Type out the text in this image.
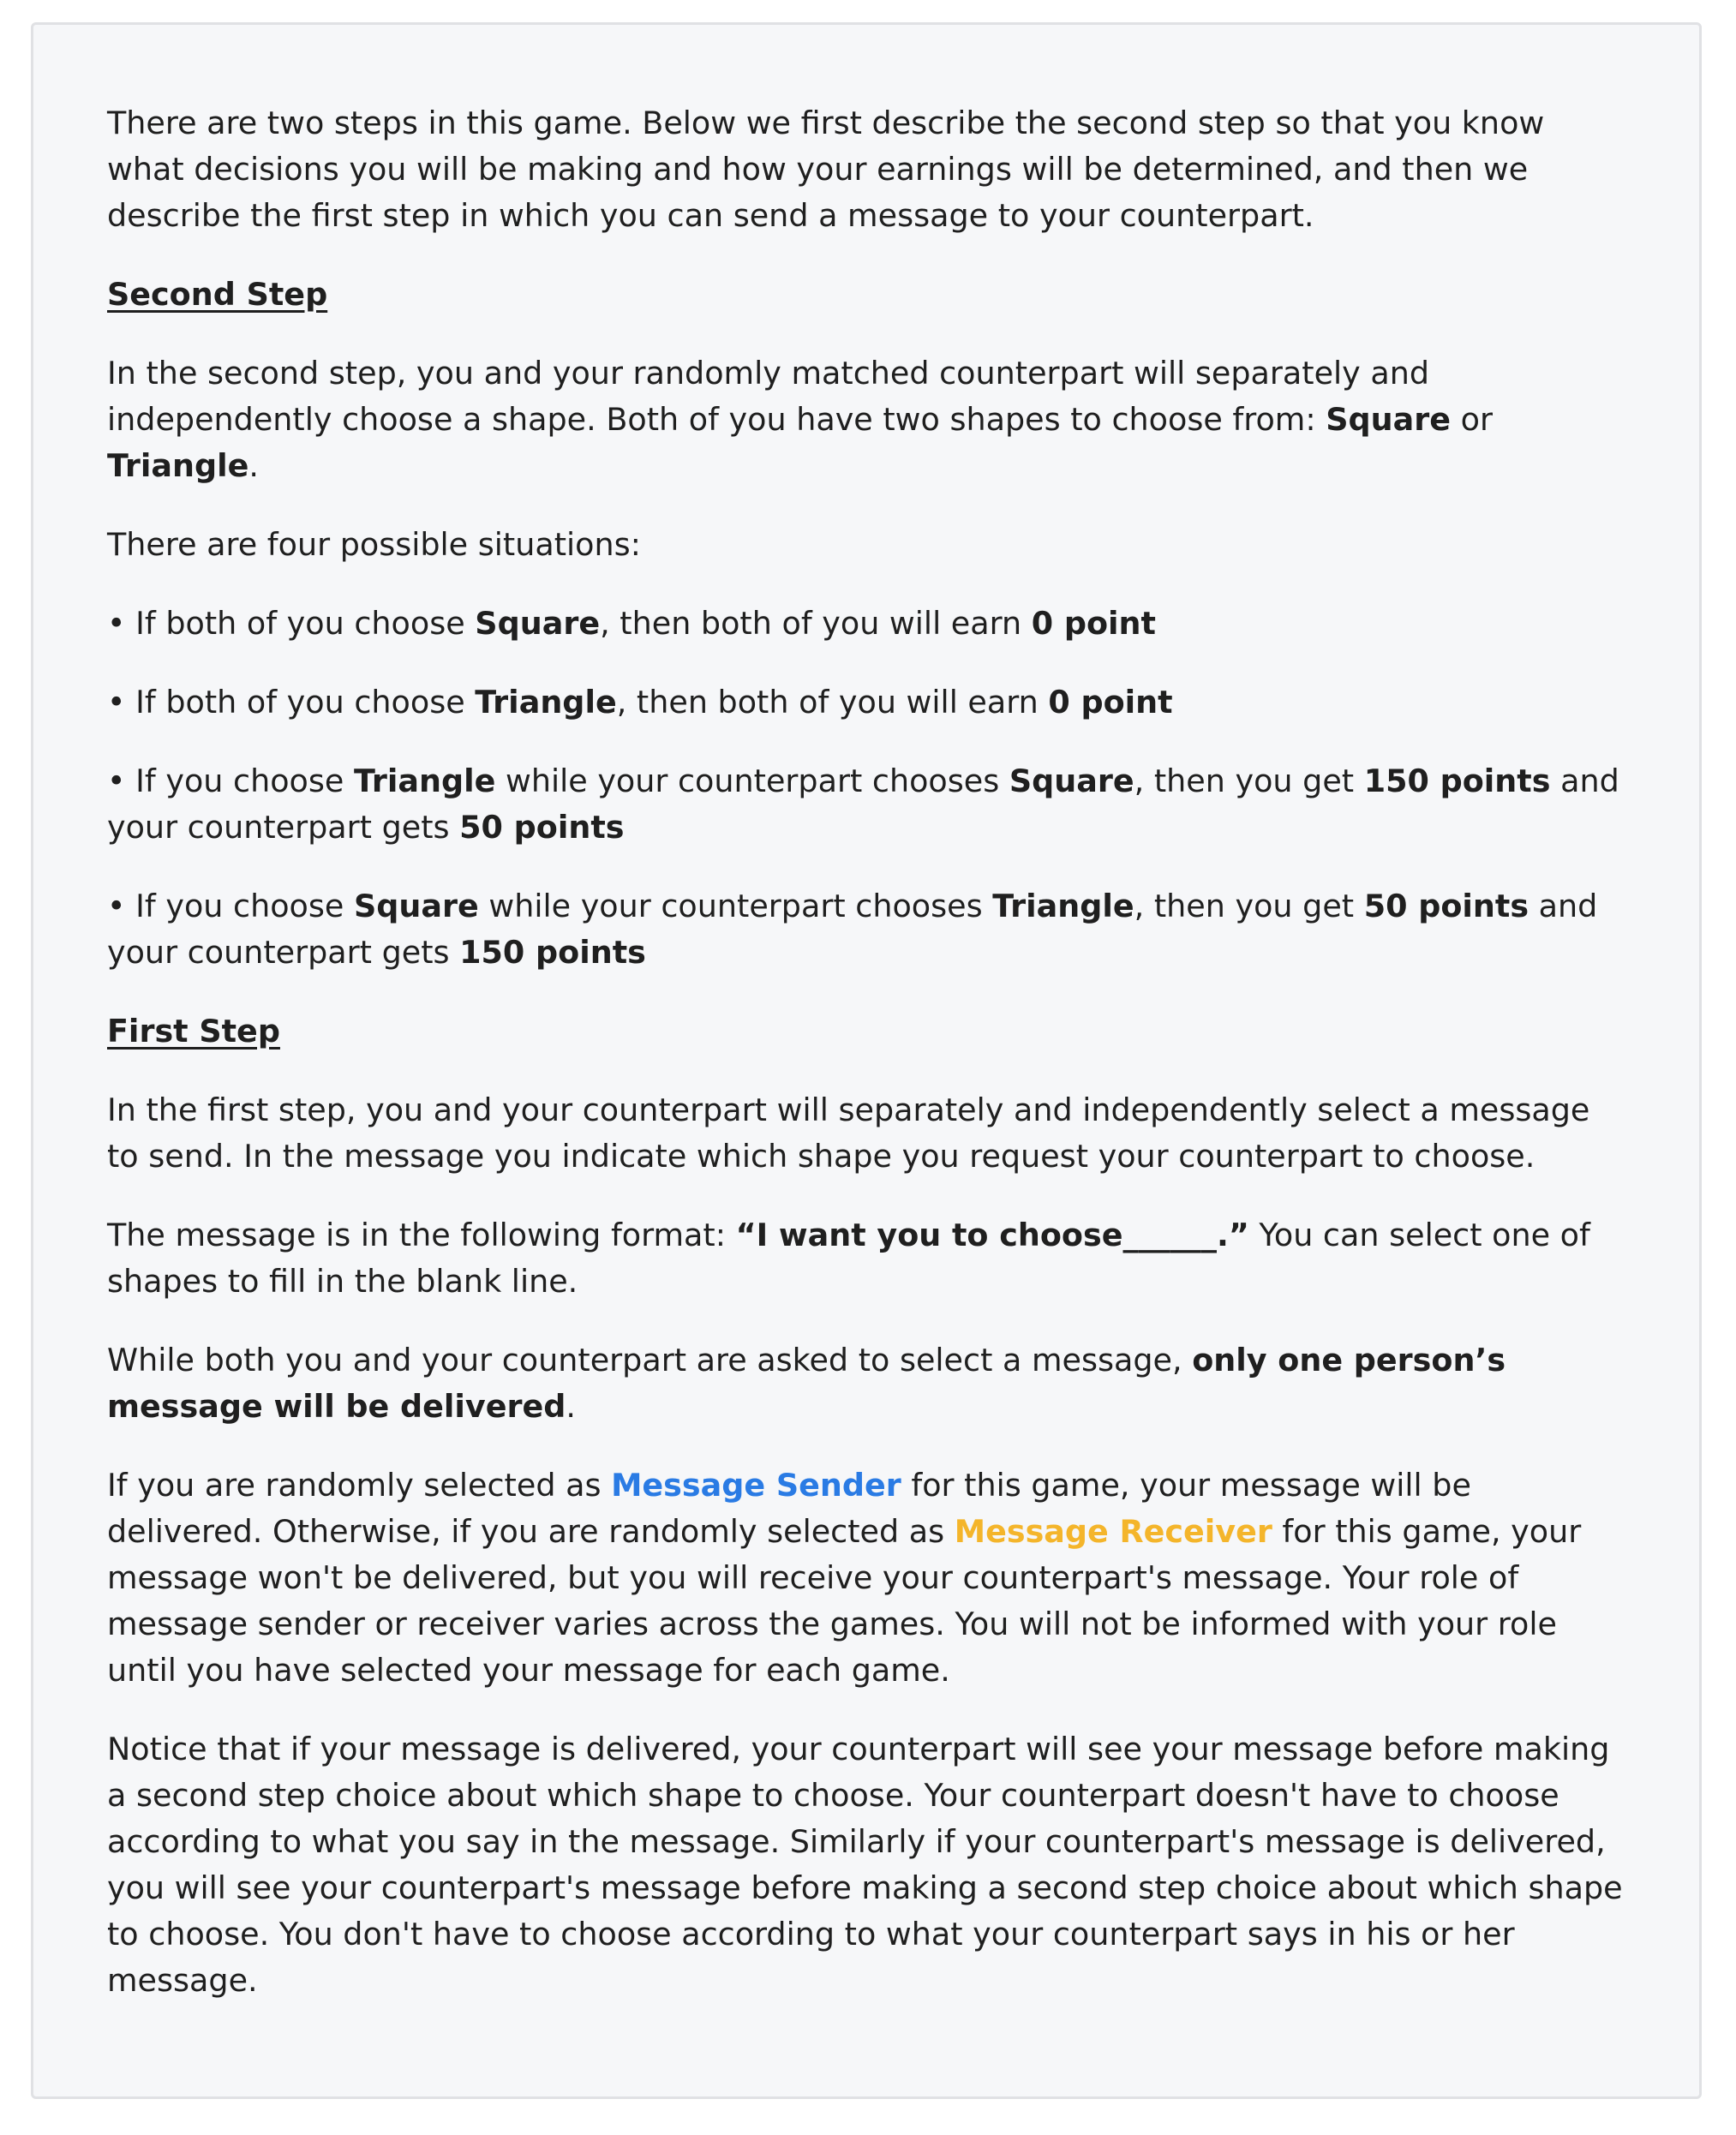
There are two steps in this game. Below we first describe the second step so that you know what decisions you will be making and how your earnings will be determined, and then we describe the first step in which you can send a message to your counterpart.

Second Step

In the second step, you and your randomly matched counterpart will separately and independently choose a shape. Both of you have two shapes to choose from: Square or Triangle.

There are four possible situations:

• If both of you choose Square, then both of you will earn 0 point

• If both of you choose Triangle, then both of you will earn 0 point

• If you choose Triangle while your counterpart chooses Square, then you get 150 points and your counterpart gets 50 points

• If you choose Square while your counterpart chooses Triangle, then you get 50 points and your counterpart gets 150 points

First Step

In the first step, you and your counterpart will separately and independently select a message to send. In the message you indicate which shape you request your counterpart to choose.

The message is in the following format: “I want you to choose______.” You can select one of shapes to fill in the blank line.

While both you and your counterpart are asked to select a message, only one person’s message will be delivered.

If you are randomly selected as Message Sender for this game, your message will be delivered. Otherwise, if you are randomly selected as Message Receiver for this game, your message won't be delivered, but you will receive your counterpart's message. Your role of message sender or receiver varies across the games. You will not be informed with your role until you have selected your message for each game.

Notice that if your message is delivered, your counterpart will see your message before making a second step choice about which shape to choose. Your counterpart doesn't have to choose according to what you say in the message. Similarly if your counterpart's message is delivered, you will see your counterpart's message before making a second step choice about which shape to choose. You don't have to choose according to what your counterpart says in his or her message.
